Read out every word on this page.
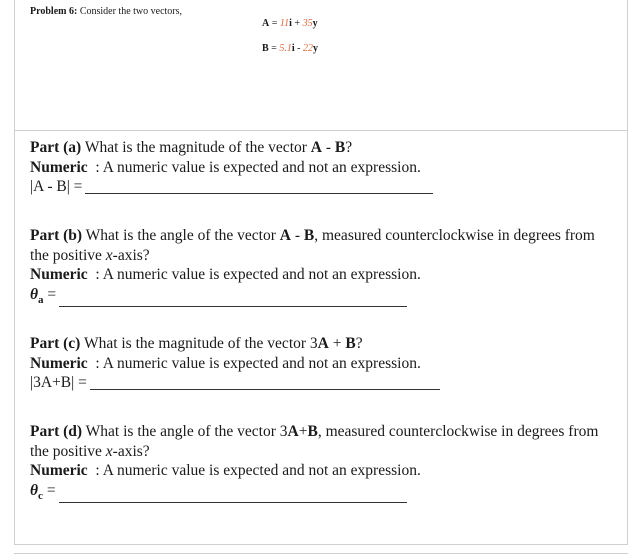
Problem 6: Consider the two vectors,
A = 11i + 35y
B = 5.1i - 22y
Part (a) What is the magnitude of the vector A - B?
Numeric  : A numeric value is expected and not an expression.
|A - B| =
Part (b) What is the angle of the vector A - B, measured counterclockwise in degrees from the positive x-axis?
Numeric  : A numeric value is expected and not an expression.
$\theta_a$ =
Part (c) What is the magnitude of the vector 3A + B?
Numeric  : A numeric value is expected and not an expression.
|3A+B| =
Part (d) What is the angle of the vector 3A+B, measured counterclockwise in degrees from the positive x-axis?
Numeric  : A numeric value is expected and not an expression.
$\theta_c$ =
